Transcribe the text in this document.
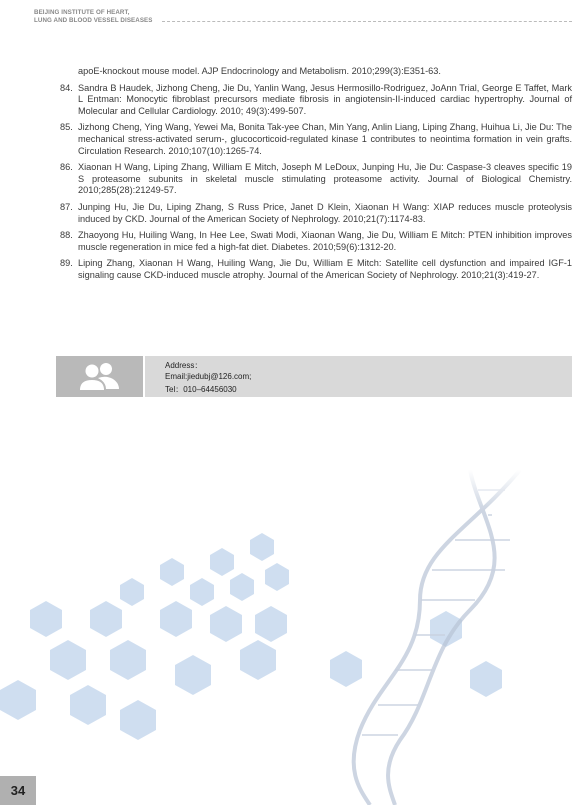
BEIJING INSTITUTE OF HEART,
LUNG AND BLOOD VESSEL DISEASES
apoE-knockout mouse model. AJP Endocrinology and Metabolism. 2010;299(3):E351-63.
84. Sandra B Haudek, Jizhong Cheng, Jie Du, Yanlin Wang, Jesus Hermosillo-Rodriguez, JoAnn Trial, George E Taffet, Mark L Entman: Monocytic fibroblast precursors mediate fibrosis in angiotensin-II-induced cardiac hypertrophy. Journal of Molecular and Cellular Cardiology. 2010; 49(3):499-507.
85. Jizhong Cheng, Ying Wang, Yewei Ma, Bonita Tak-yee Chan, Min Yang, Anlin Liang, Liping Zhang, Huihua Li, Jie Du: The mechanical stress-activated serum-, glucocorticoid-regulated kinase 1 contributes to neointima formation in vein grafts. Circulation Research. 2010;107(10):1265-74.
86. Xiaonan H Wang, Liping Zhang, William E Mitch, Joseph M LeDoux, Junping Hu, Jie Du: Caspase-3 cleaves specific 19 S proteasome subunits in skeletal muscle stimulating proteasome activity. Journal of Biological Chemistry. 2010;285(28):21249-57.
87. Junping Hu, Jie Du, Liping Zhang, S Russ Price, Janet D Klein, Xiaonan H Wang: XIAP reduces muscle proteolysis induced by CKD. Journal of the American Society of Nephrology. 2010;21(7):1174-83.
88. Zhaoyong Hu, Huiling Wang, In Hee Lee, Swati Modi, Xiaonan Wang, Jie Du, William E Mitch: PTEN inhibition improves muscle regeneration in mice fed a high-fat diet. Diabetes. 2010;59(6):1312-20.
89. Liping Zhang, Xiaonan H Wang, Huiling Wang, Jie Du, William E Mitch: Satellite cell dysfunction and impaired IGF-1 signaling cause CKD-induced muscle atrophy. Journal of the American Society of Nephrology. 2010;21(3):419-27.
Address：
Email:jiedubj@126.com;
Tel：010–64456030
34
